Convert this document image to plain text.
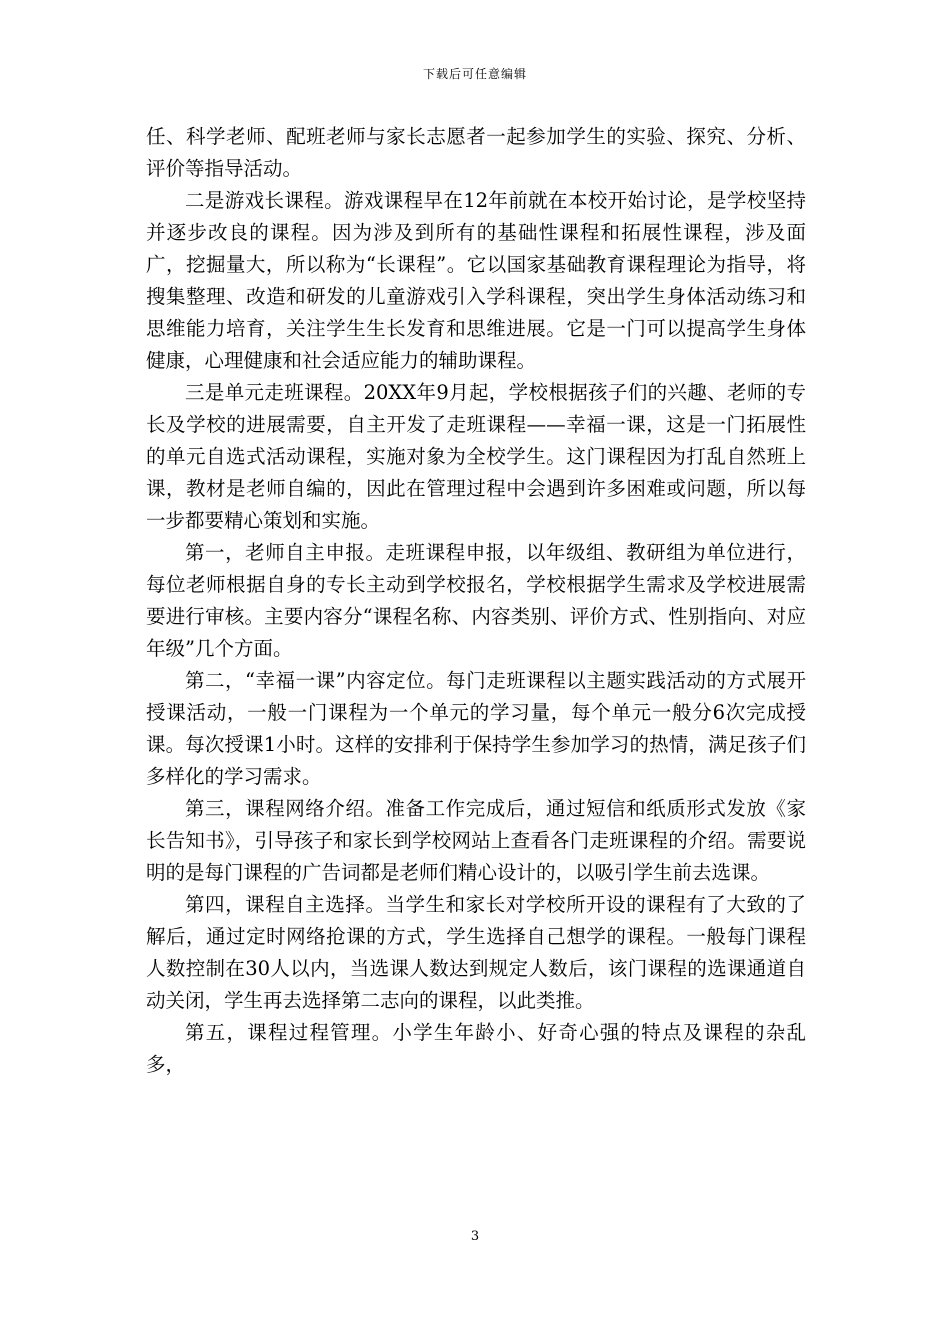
下载后可任意编辑

任、科学老师、配班老师与家长志愿者一起参加学生的实验、探究、分析、评价等指导活动。

二是游戏长课程。游戏课程早在12年前就在本校开始讨论，是学校坚持并逐步改良的课程。因为涉及到所有的基础性课程和拓展性课程，涉及面广，挖掘量大，所以称为“长课程”。它以国家基础教育课程理论为指导，将搜集整理、改造和研发的儿童游戏引入学科课程，突出学生身体活动练习和思维能力培育，关注学生生长发育和思维进展。它是一门可以提高学生身体健康，心理健康和社会适应能力的辅助课程。

三是单元走班课程。20XX年9月起，学校根据孩子们的兴趣、老师的专长及学校的进展需要，自主开发了走班课程——幸福一课，这是一门拓展性的单元自选式活动课程，实施对象为全校学生。这门课程因为打乱自然班上课，教材是老师自编的，因此在管理过程中会遇到许多困难或问题，所以每一步都要精心策划和实施。

第一，老师自主申报。走班课程申报，以年级组、教研组为单位进行，每位老师根据自身的专长主动到学校报名，学校根据学生需求及学校进展需要进行审核。主要内容分“课程名称、内容类别、评价方式、性别指向、对应年级”几个方面。

第二，“幸福一课”内容定位。每门走班课程以主题实践活动的方式展开授课活动，一般一门课程为一个单元的学习量，每个单元一般分6次完成授课。每次授课1小时。这样的安排利于保持学生参加学习的热情，满足孩子们多样化的学习需求。

第三，课程网络介绍。准备工作完成后，通过短信和纸质形式发放《家长告知书》，引导孩子和家长到学校网站上查看各门走班课程的介绍。需要说明的是每门课程的广告词都是老师们精心设计的，以吸引学生前去选课。

第四，课程自主选择。当学生和家长对学校所开设的课程有了大致的了解后，通过定时网络抢课的方式，学生选择自己想学的课程。一般每门课程人数控制在30人以内，当选课人数达到规定人数后，该门课程的选课通道自动关闭，学生再去选择第二志向的课程，以此类推。

第五，课程过程管理。小学生年龄小、好奇心强的特点及课程的杂乱多，

3
